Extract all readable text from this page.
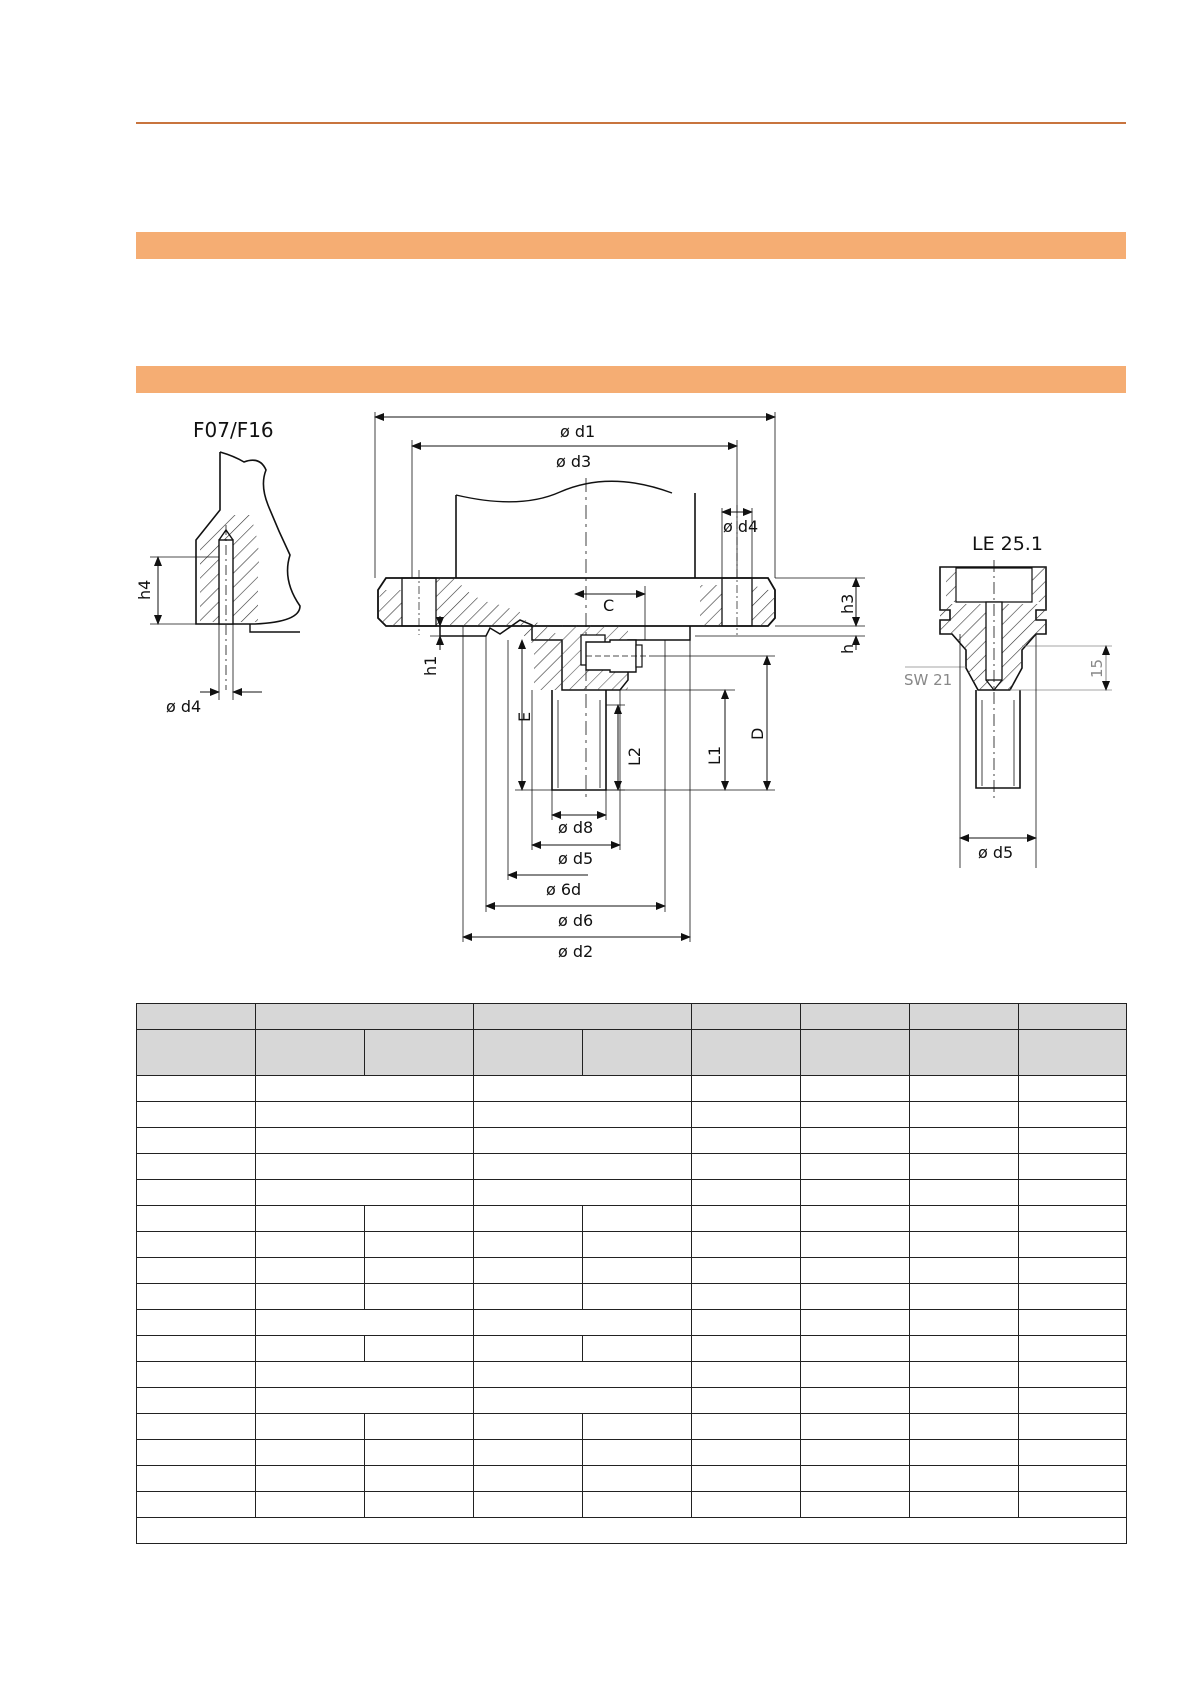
F07/F16
h4
ø d4
ø d1
ø d3
ø d4
h3
h
C
h1
E
L2	L1
D
ø d8
ø d5
ø 6d
ø d6
ø d2
LE 25.1
SW 21
15
ø d5
